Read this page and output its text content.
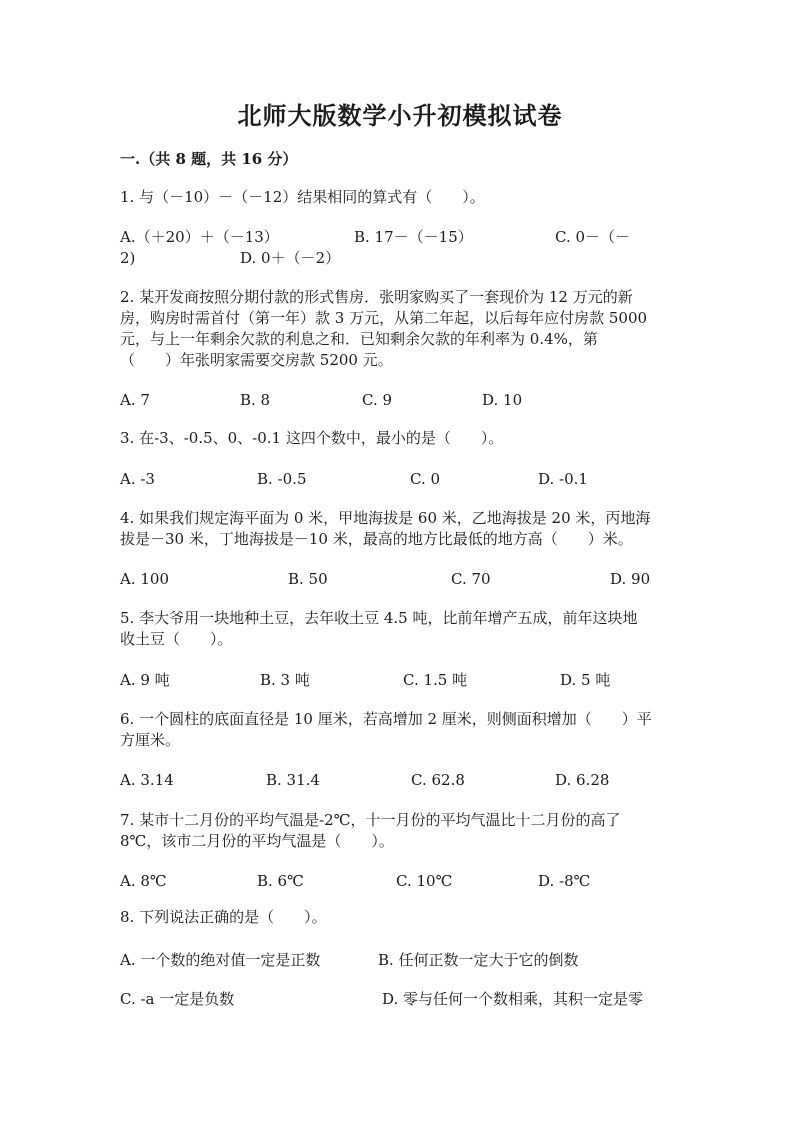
北师大版数学小升初模拟试卷
一.（共 8 题，共 16 分）
1. 与（－10）－（－12）结果相同的算式有（　　）。
A.（＋20）＋（－13）	B. 17－（－15）	C. 0－（－
2)	D. 0＋（－2）
2. 某开发商按照分期付款的形式售房．张明家购买了一套现价为 12 万元的新
房，购房时需首付（第一年）款 3 万元，从第二年起，以后每年应付房款 5000
元，与上一年剩余欠款的利息之和．已知剩余欠款的年利率为 0.4%，第
（　　）年张明家需要交房款 5200 元。
A. 7	B. 8	C. 9	D. 10
3. 在-3、-0.5、0、-0.1 这四个数中，最小的是（　　）。
A. -3	B. -0.5	C. 0	D. -0.1
4. 如果我们规定海平面为 0 米，甲地海拔是 60 米，乙地海拔是 20 米，丙地海
拔是－30 米，丁地海拔是－10 米，最高的地方比最低的地方高（　　）米。
A. 100	B. 50	C. 70	D. 90
5. 李大爷用一块地种土豆，去年收土豆 4.5 吨，比前年增产五成，前年这块地
收土豆（　　）。
A. 9 吨	B. 3 吨	C. 1.5 吨	D. 5 吨
6. 一个圆柱的底面直径是 10 厘米，若高增加 2 厘米，则侧面积增加（　　）平
方厘米。
A. 3.14	B. 31.4	C. 62.8	D. 6.28
7. 某市十二月份的平均气温是-2℃，十一月份的平均气温比十二月份的高了
8℃，该市二月份的平均气温是（　　）。
A. 8℃	B. 6℃	C. 10℃	D. -8℃
8. 下列说法正确的是（　　）。
A. 一个数的绝对值一定是正数	B. 任何正数一定大于它的倒数
C. -a 一定是负数	D. 零与任何一个数相乘，其积一定是零
